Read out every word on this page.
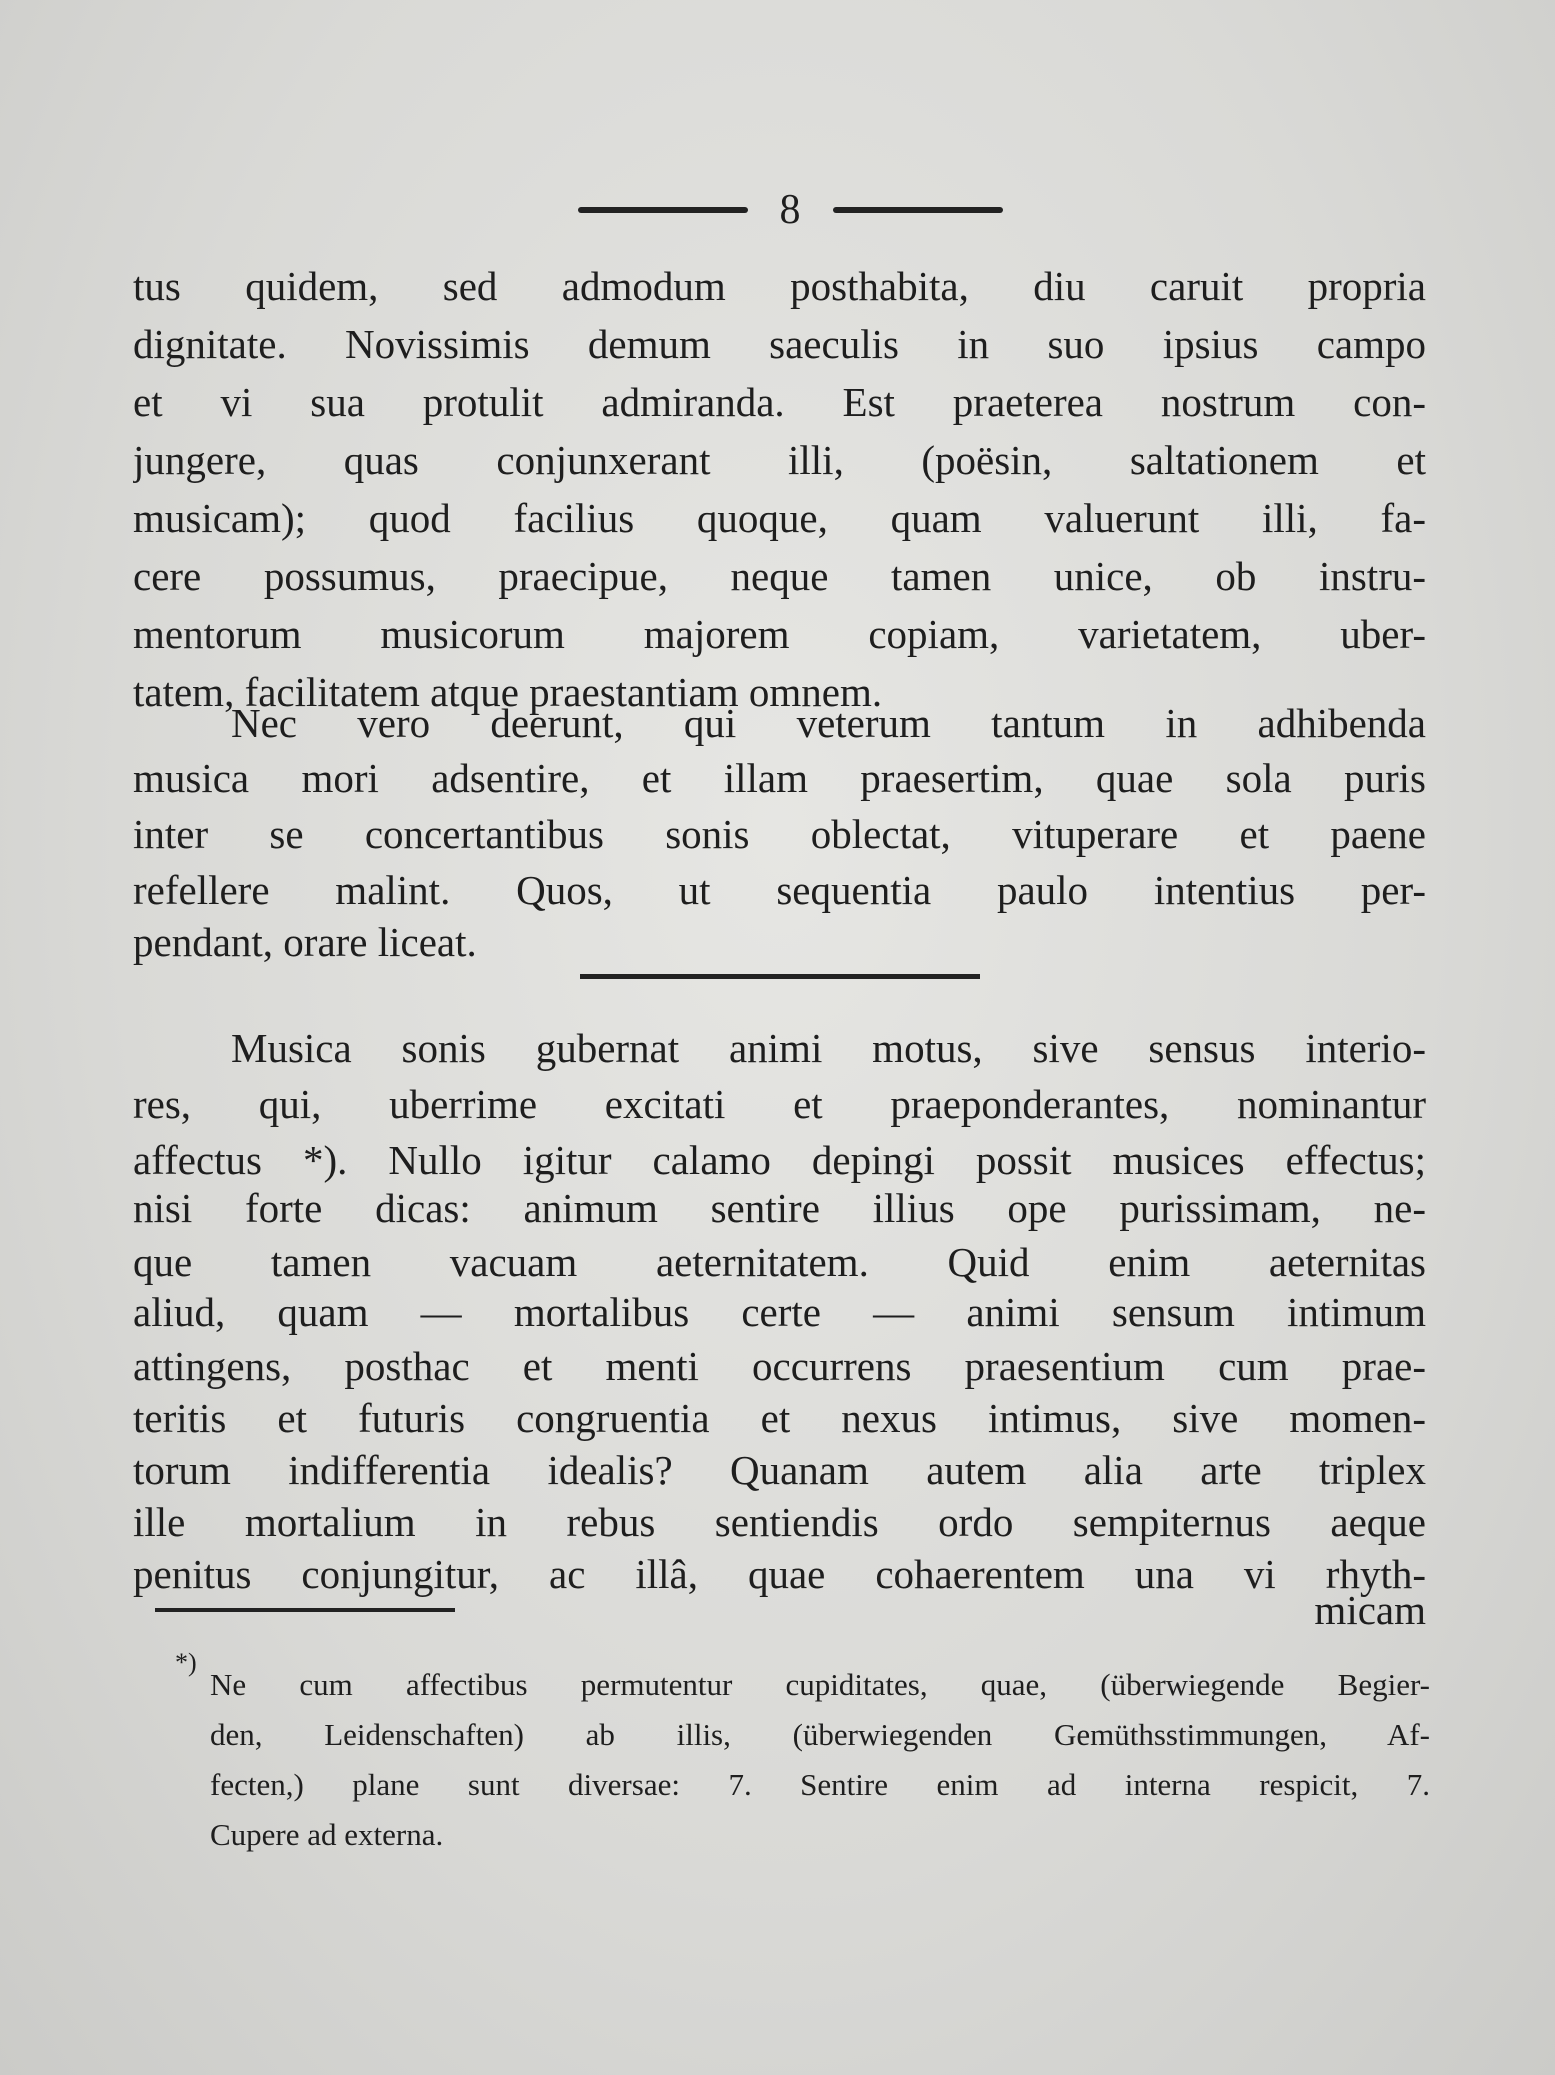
8
tus quidem, sed admodum posthabita, diu caruit propria
dignitate. Novissimis demum saeculis in suo ipsius campo
et vi sua protulit admiranda. Est praeterea nostrum con-
jungere, quas conjunxerant illi, (poësin, saltationem et
musicam); quod facilius quoque, quam valuerunt illi, fa-
cere possumus, praecipue, neque tamen unice, ob instru-
mentorum musicorum majorem copiam, varietatem, uber-
tatem, facilitatem atque praestantiam omnem.
Nec vero deerunt, qui veterum tantum in adhibenda
musica mori adsentire, et illam praesertim, quae sola puris
inter se concertantibus sonis oblectat, vituperare et paene
refellere malint. Quos, ut sequentia paulo intentius per-
pendant, orare liceat.
Musica sonis gubernat animi motus, sive sensus interio-
res, qui, uberrime excitati et praeponderantes, nominantur
affectus *). Nullo igitur calamo depingi possit musices effectus;
nisi forte dicas: animum sentire illius ope purissimam, ne-
que tamen vacuam aeternitatem. Quid enim aeternitas
aliud, quam — mortalibus certe — animi sensum intimum
attingens, posthac et menti occurrens praesentium cum prae-
teritis et futuris congruentia et nexus intimus, sive momen-
torum indifferentia idealis? Quanam autem alia arte triplex
ille mortalium in rebus sentiendis ordo sempiternus aeque
penitus conjungitur, ac illâ, quae cohaerentem una vi rhyth-
micam
*)
Ne cum affectibus permutentur cupiditates, quae, (überwiegende Begier-
den, Leidenschaften) ab illis, (überwiegenden Gemüthsstimmungen, Af-
fecten,) plane sunt diversae: 7. Sentire enim ad interna respicit, 7.
Cupere ad externa.
